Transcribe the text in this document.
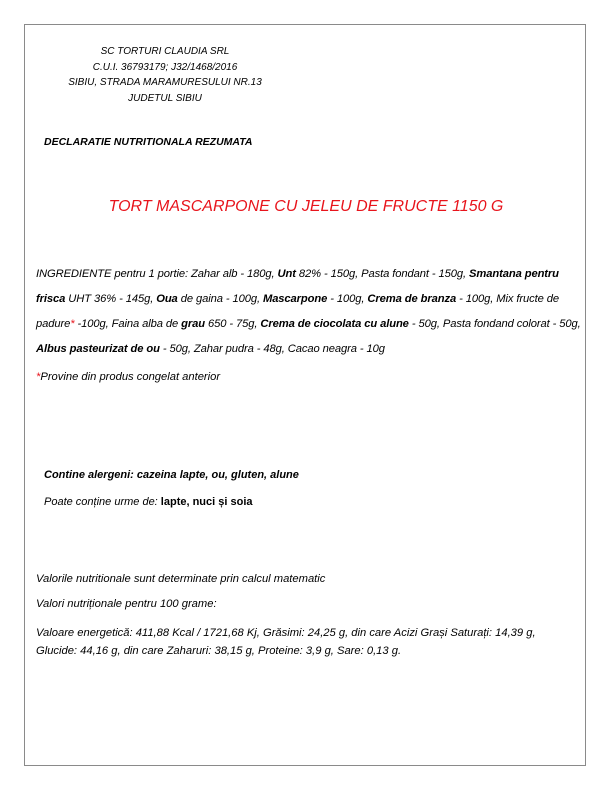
SC TORTURI CLAUDIA SRL
C.U.I. 36793179; J32/1468/2016
SIBIU, STRADA MARAMURESULUI NR.13
JUDETUL SIBIU
DECLARATIE NUTRITIONALA REZUMATA
TORT MASCARPONE CU JELEU DE FRUCTE 1150 G
INGREDIENTE pentru 1 portie: Zahar alb - 180g, Unt 82% - 150g, Pasta fondant - 150g, Smantana pentru frisca UHT 36% - 145g, Oua de gaina - 100g, Mascarpone - 100g, Crema de branza - 100g, Mix fructe de padure* -100g, Faina alba de grau 650 - 75g, Crema de ciocolata cu alune - 50g, Pasta fondand colorat - 50g, Albus pasteurizat de ou - 50g, Zahar pudra - 48g, Cacao neagra - 10g
*Provine din produs congelat anterior
Contine alergeni: cazeina lapte, ou, gluten, alune
Poate conține urme de: lapte, nuci și soia
Valorile nutritionale sunt determinate prin calcul matematic
Valori nutriționale pentru 100 grame:
Valoare energetică: 411,88 Kcal / 1721,68 Kj, Grăsimi: 24,25 g, din care Acizi Grași Saturați: 14,39 g,
Glucide: 44,16 g, din care Zaharuri: 38,15 g, Proteine: 3,9 g, Sare: 0,13 g.
